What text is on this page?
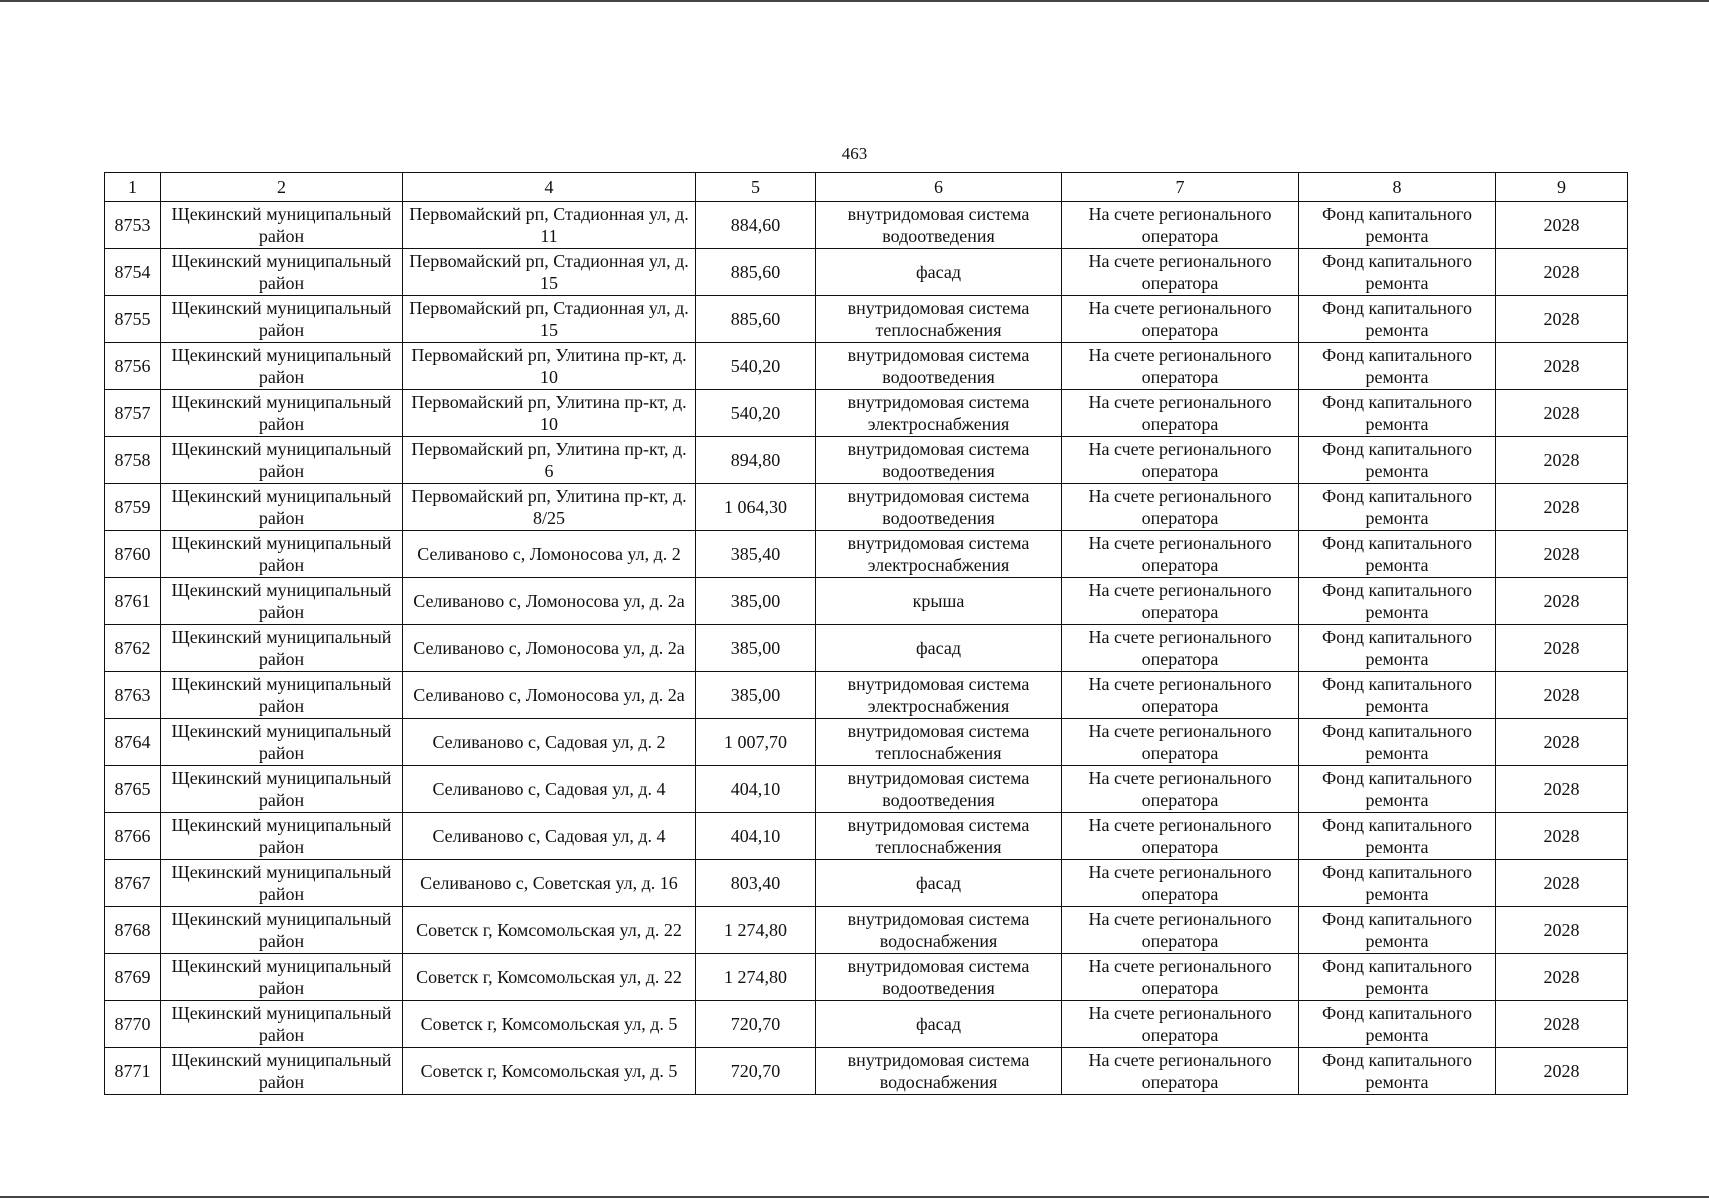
463
1	2	4	5	6	7	8	9
8753	Щекинский муниципальный район	Первомайский рп, Стадионная ул, д. 11	884,60	внутридомовая система водоотведения	На счете регионального оператора	Фонд капитального ремонта	2028
8754	Щекинский муниципальный район	Первомайский рп, Стадионная ул, д. 15	885,60	фасад	На счете регионального оператора	Фонд капитального ремонта	2028
8755	Щекинский муниципальный район	Первомайский рп, Стадионная ул, д. 15	885,60	внутридомовая система теплоснабжения	На счете регионального оператора	Фонд капитального ремонта	2028
8756	Щекинский муниципальный район	Первомайский рп, Улитина пр-кт, д. 10	540,20	внутридомовая система водоотведения	На счете регионального оператора	Фонд капитального ремонта	2028
8757	Щекинский муниципальный район	Первомайский рп, Улитина пр-кт, д. 10	540,20	внутридомовая система электроснабжения	На счете регионального оператора	Фонд капитального ремонта	2028
8758	Щекинский муниципальный район	Первомайский рп, Улитина пр-кт, д. 6	894,80	внутридомовая система водоотведения	На счете регионального оператора	Фонд капитального ремонта	2028
8759	Щекинский муниципальный район	Первомайский рп, Улитина пр-кт, д. 8/25	1 064,30	внутридомовая система водоотведения	На счете регионального оператора	Фонд капитального ремонта	2028
8760	Щекинский муниципальный район	Селиваново с, Ломоносова ул, д. 2	385,40	внутридомовая система электроснабжения	На счете регионального оператора	Фонд капитального ремонта	2028
8761	Щекинский муниципальный район	Селиваново с, Ломоносова ул, д. 2а	385,00	крыша	На счете регионального оператора	Фонд капитального ремонта	2028
8762	Щекинский муниципальный район	Селиваново с, Ломоносова ул, д. 2а	385,00	фасад	На счете регионального оператора	Фонд капитального ремонта	2028
8763	Щекинский муниципальный район	Селиваново с, Ломоносова ул, д. 2а	385,00	внутридомовая система электроснабжения	На счете регионального оператора	Фонд капитального ремонта	2028
8764	Щекинский муниципальный район	Селиваново с, Садовая ул, д. 2	1 007,70	внутридомовая система теплоснабжения	На счете регионального оператора	Фонд капитального ремонта	2028
8765	Щекинский муниципальный район	Селиваново с, Садовая ул, д. 4	404,10	внутридомовая система водоотведения	На счете регионального оператора	Фонд капитального ремонта	2028
8766	Щекинский муниципальный район	Селиваново с, Садовая ул, д. 4	404,10	внутридомовая система теплоснабжения	На счете регионального оператора	Фонд капитального ремонта	2028
8767	Щекинский муниципальный район	Селиваново с, Советская ул, д. 16	803,40	фасад	На счете регионального оператора	Фонд капитального ремонта	2028
8768	Щекинский муниципальный район	Советск г, Комсомольская ул, д. 22	1 274,80	внутридомовая система водоснабжения	На счете регионального оператора	Фонд капитального ремонта	2028
8769	Щекинский муниципальный район	Советск г, Комсомольская ул, д. 22	1 274,80	внутридомовая система водоотведения	На счете регионального оператора	Фонд капитального ремонта	2028
8770	Щекинский муниципальный район	Советск г, Комсомольская ул, д. 5	720,70	фасад	На счете регионального оператора	Фонд капитального ремонта	2028
8771	Щекинский муниципальный район	Советск г, Комсомольская ул, д. 5	720,70	внутридомовая система водоснабжения	На счете регионального оператора	Фонд капитального ремонта	2028
